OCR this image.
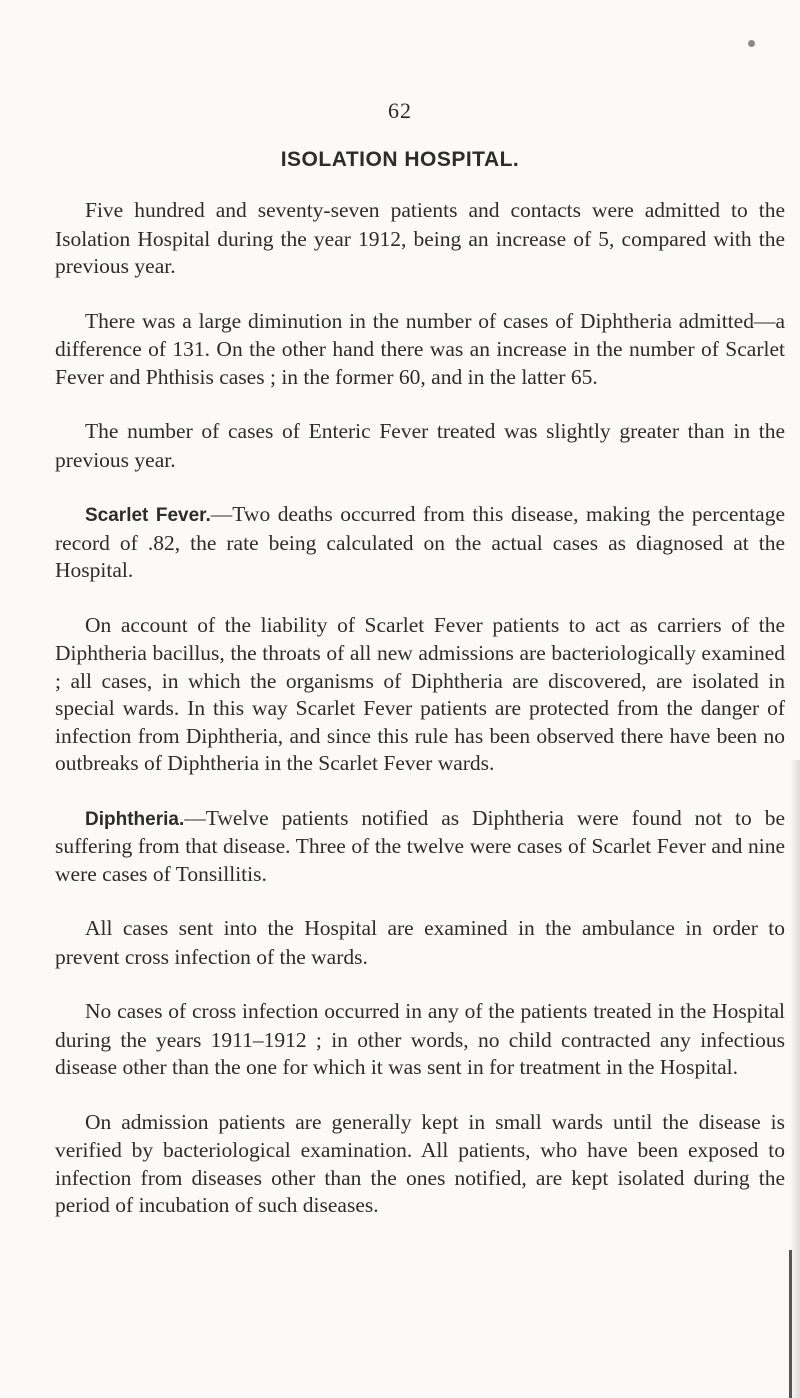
62
ISOLATION HOSPITAL.

Five hundred and seventy-seven patients and contacts were admitted to the Isolation Hospital during the year 1912, being an increase of 5, compared with the previous year.

There was a large diminution in the number of cases of Diphtheria admitted—a difference of 131. On the other hand there was an increase in the number of Scarlet Fever and Phthisis cases ; in the former 60, and in the latter 65.

The number of cases of Enteric Fever treated was slightly greater than in the previous year.

Scarlet Fever.—Two deaths occurred from this disease, making the percentage record of .82, the rate being calculated on the actual cases as diagnosed at the Hospital.

On account of the liability of Scarlet Fever patients to act as carriers of the Diphtheria bacillus, the throats of all new admissions are bacteriologically examined ; all cases, in which the organisms of Diphtheria are discovered, are isolated in special wards. In this way Scarlet Fever patients are protected from the danger of infection from Diphtheria, and since this rule has been observed there have been no outbreaks of Diphtheria in the Scarlet Fever wards.

Diphtheria.—Twelve patients notified as Diphtheria were found not to be suffering from that disease. Three of the twelve were cases of Scarlet Fever and nine were cases of Tonsillitis.

All cases sent into the Hospital are examined in the ambulance in order to prevent cross infection of the wards.

No cases of cross infection occurred in any of the patients treated in the Hospital during the years 1911–1912 ; in other words, no child contracted any infectious disease other than the one for which it was sent in for treatment in the Hospital.

On admission patients are generally kept in small wards until the disease is verified by bacteriological examination. All patients, who have been exposed to infection from diseases other than the ones notified, are kept isolated during the period of incubation of such diseases.
